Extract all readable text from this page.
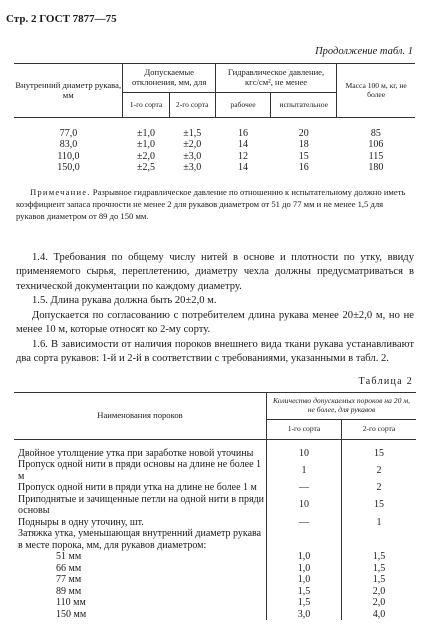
Стр. 2 ГОСТ 7877—75
Продолжение табл. 1
Внутренний диаметр рукава, мм	Допускаемые отклонения, мм, для		Гидравлическое давление, кгс/см², не менее		Масса 100 м, кг, не более
	1-го сорта	2-го сорта	рабочее	испытательное	

77,0	±1,0	±1,5	16	20	85
83,0	±1,0	±2,0	14	18	106
110,0	±2,0	±3,0	12	15	115
150,0	±2,5	±3,0	14	16	180
Примечание. Разрывное гидравлическое давление по отношению к испытательному должно иметь коэффициент запаса прочности не менее 2 для рукавов диаметром от 51 до 77 мм и не менее 1,5 для рукавов диаметром от 89 до 150 мм.
1.4. Требования по общему числу нитей в основе и плотности по утку, ввиду применяемого сырья, переплетению, диаметру чехла должны предусматриваться в технической документации по каждому диаметру.
1.5. Длина рукава должна быть 20±2,0 м.
Допускается по согласованию с потребителем длина рукава менее 20±2,0 м, но не менее 10 м, которые относят ко 2-му сорту.
1.6. В зависимости от наличия пороков внешнего вида ткани рукава устанавливают два сорта рукавов: 1-й и 2-й в соответствии с требованиями, указанными в табл. 2.
Таблица 2
Наименования пороков	Количество допускаемых пороков на 20 м, не более, для рукавов	
	1-го сорта	2-го сорта

Двойное утолщение утка при заработке новой уточины	10	15
Пропуск одной нити в пряди основы на длине не более 1 м	1	2
Пропуск одной нити в пряди утка на длине не более 1 м	—	2
Приподнятые и зачищенные петли на одной нити в пряди основы	10	15
Подныры в одну уточину, шт.	—	1
Затяжка утка, уменьшающая внутренний диаметр рукава в месте порока, мм, для рукавов диаметром:		
51 мм	1,0	1,5
66 мм	1,0	1,5
77 мм	1,0	1,5
89 мм	1,5	2,0
110 мм	1,5	2,0
150 мм	3,0	4,0
